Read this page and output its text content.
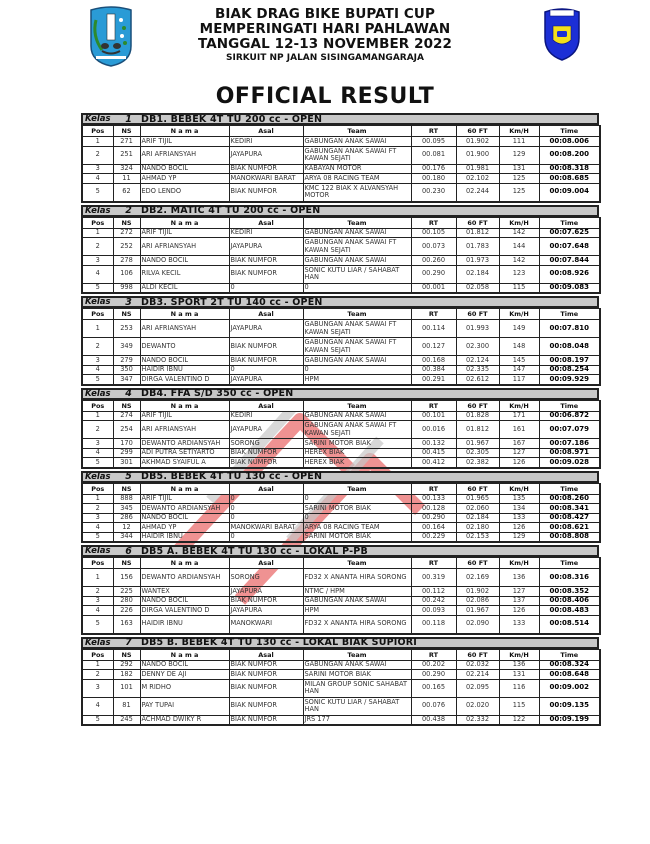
BIAK DRAG BIKE BUPATI CUP
MEMPERINGATI HARI PAHLAWAN
TANGGAL 12-13 NOVEMBER 2022
SIRKUIT NP JALAN SISINGAMANGARAJA
OFFICIAL RESULT
Kelas	1 DB1. BEBEK 4T TU 200 cc - OPEN
Pos	NS	N a m a	Asal	Team	RT	60 FT	Km/H	Time
1	271	ARIF TIJIL	KEDIRI	GABUNGAN ANAK SAWAI	00.095	01.902	111	00:08.006
2	251	ARI AFRIANSYAH	JAYAPURA	GABUNGAN ANAK SAWAI FT KAWAN SEJATI	00.081	01.900	129	00:08.200
3	324	NANDO BOCIL	BIAK NUMFOR	KABAYAN MOTOR	00.176	01.981	131	00:08.318
4	11	AHMAD YP	MANOKWARI BARAT	ARYA 08 RACING TEAM	00.180	02.102	125	00:08.685
5	62	EDO LENDO	BIAK NUMFOR	KMC 122 BIAK X ALVANSYAH MOTOR	00.230	02.244	125	00:09.004
Kelas	2 DB2. MATIC 4T TU 200 cc - OPEN
Pos	NS	N a m a	Asal	Team	RT	60 FT	Km/H	Time
1	272	ARIF TIJIL	KEDIRI	GABUNGAN ANAK SAWAI	00.105	01.812	142	00:07.625
2	252	ARI AFRIANSYAH	JAYAPURA	GABUNGAN ANAK SAWAI FT KAWAN SEJATI	00.073	01.783	144	00:07.648
3	278	NANDO BOCIL	BIAK NUMFOR	GABUNGAN ANAK SAWAI	00.260	01.973	142	00:07.844
4	106	RILVA KECIL	BIAK NUMFOR	SONIC KUTU LIAR / SAHABAT HAN	00.290	02.184	123	00:08.926
5	998	ALDI KECIL	0	0	00.001	02.058	115	00:09.083
Kelas	3 DB3. SPORT 2T TU 140 cc - OPEN
Pos	NS	N a m a	Asal	Team	RT	60 FT	Km/H	Time
1	253	ARI AFRIANSYAH	JAYAPURA	GABUNGAN ANAK SAWAI FT KAWAN SEJATI	00.114	01.993	149	00:07.810
2	349	DEWANTO	BIAK NUMFOR	GABUNGAN ANAK SAWAI FT KAWAN SEJATI	00.127	02.300	148	00:08.048
3	279	NANDO BOCIL	BIAK NUMFOR	GABUNGAN ANAK SAWAI	00.168	02.124	145	00:08.197
4	350	HAIDIR IBNU	0	0	00.384	02.335	147	00:08.254
5	347	DIRGA VALENTINO D	JAYAPURA	HPM	00.291	02.612	117	00:09.929
Kelas	4 DB4. FFA S/D 350 cc - OPEN
Pos	NS	N a m a	Asal	Team	RT	60 FT	Km/H	Time
1	274	ARIF TIJIL	KEDIRI	GABUNGAN ANAK SAWAI	00.101	01.828	171	00:06.872
2	254	ARI AFRIANSYAH	JAYAPURA	GABUNGAN ANAK SAWAI FT KAWAN SEJATI	00.016	01.812	161	00:07.079
3	170	DEWANTO ARDIANSYAH	SORONG	SARINI MOTOR BIAK	00.132	01.967	167	00:07.186
4	299	ADI PUTRA SETIYARTO	BIAK NUMFOR	HEREX BIAK	00.415	02.305	127	00:08.971
5	301	AKHMAD SYAIFUL A	BIAK NUMFOR	HEREX BIAK	00.412	02.382	126	00:09.028
Kelas	5 DB5. BEBEK 4T TU 130 cc - OPEN
Pos	NS	N a m a	Asal	Team	RT	60 FT	Km/H	Time
1	888	ARIF TIJIL	0	0	00.133	01.965	135	00:08.260
2	345	DEWANTO ARDIANSYAH	0	SARINI MOTOR BIAK	00.128	02.060	134	00:08.341
3	286	NANDO BOCIL	0	0	00.290	02.184	133	00:08.427
4	12	AHMAD YP	MANOKWARI BARAT	ARYA 08 RACING TEAM	00.164	02.180	126	00:08.621
5	344	HAIDIR IBNU	0	SARINI MOTOR BIAK	00.229	02.153	129	00:08.808
Kelas	6 DB5 A. BEBEK 4T TU 130 cc - LOKAL P-PB
Pos	NS	N a m a	Asal	Team	RT	60 FT	Km/H	Time
1	156	DEWANTO ARDIANSYAH	SORONG	FD32 X ANANTA HIRA SORONG	00.319	02.169	136	00:08.316
2	225	WANTEX	JAYAPURA	NTMC / HPM	00.112	01.902	127	00:08.352
3	280	NANDO BOCIL	BIAK NUMFOR	GABUNGAN ANAK SAWAI	00.242	02.086	137	00:08.406
4	226	DIRGA VALENTINO D	JAYAPURA	HPM	00.093	01.967	126	00:08.483
5	163	HAIDIR IBNU	MANOKWARI	FD32 X ANANTA HIRA SORONG	00.118	02.090	133	00:08.514
Kelas	7 DB5 B. BEBEK 4T TU 130 cc - LOKAL BIAK SUPIORI
Pos	NS	N a m a	Asal	Team	RT	60 FT	Km/H	Time
1	292	NANDO BOCIL	BIAK NUMFOR	GABUNGAN ANAK SAWAI	00.202	02.032	136	00:08.324
2	182	DENNY DE AJI	BIAK NUMFOR	SARINI MOTOR BIAK	00.290	02.214	131	00:08.648
3	101	M RIDHO	BIAK NUMFOR	MILAN GROUP SONIC SAHABAT HAN	00.165	02.095	116	00:09.002
4	81	PAY TUPAI	BIAK NUMFOR	SONIC KUTU LIAR / SAHABAT HAN	00.076	02.020	115	00:09.135
5	245	ACHMAD DWIKY R	BIAK NUMFOR	JRS 177	00.438	02.332	122	00:09.199
